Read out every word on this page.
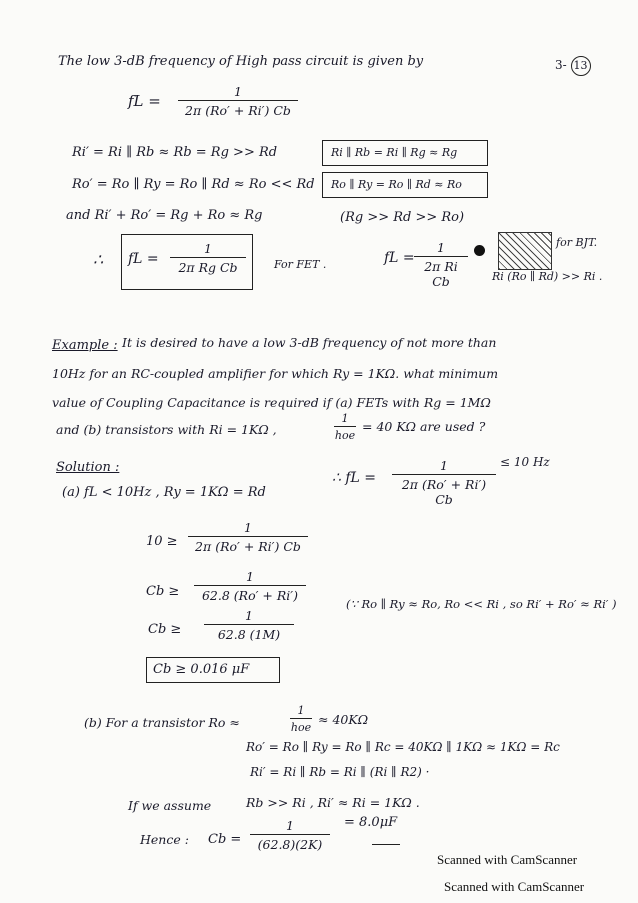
3- 13
The low 3-dB frequency of High pass circuit is given by
fL =
1
2π (Ro′ + Ri′) Cb
Ri′ = Ri ∥ Rb ≈ Rb = Rg >> Rd
Ro′ = Ro ∥ Ry = Ro ∥ Rd ≈ Ro << Rd
and Ri′ + Ro′ = Rg + Ro ≈ Rg
Ri ∥ Rb = Ri ∥ Rg ≈ Rg
Ro ∥ Ry = Ro ∥ Rd ≈ Ro
(Rg >> Rd >> Ro)
∴ fL =
1
2π Rg Cb	For FET .	fL =
1
2π Ri Cb
for BJT.
Ri (Ro ∥ Rd) >> Ri .
Example : It is desired to have a low 3-dB frequency of not more than
10Hz for an RC-coupled amplifier for which Ry = 1KΩ. what minimum
value of Coupling Capacitance is required if (a) FETs with Rg = 1MΩ
and (b) transistors with Ri = 1KΩ ,
1
hoe
= 40 KΩ are used ?
Solution :
∴ fL =
1
2π (Ro′ + Ri′) Cb
≤ 10 Hz
(a) fL < 10Hz , Ry = 1KΩ = Rd
10 ≥
1
2π (Ro′ + Ri′) Cb
Cb ≥
1
62.8 (Ro′ + Ri′)
Cb ≥
1
62.8 (1M)
(∵ Ro ∥ Ry ≈ Ro, Ro << Ri , so Ri′ + Ro′ ≈ Ri′ )
Cb ≥ 0.016 μF
(b) For a transistor Ro ≈
1
hoe
≈ 40KΩ
Ro′ = Ro ∥ Ry = Ro ∥ Rc = 40KΩ ∥ 1KΩ ≈ 1KΩ = Rc
Ri′ = Ri ∥ Rb = Ri ∥ (Ri ∥ R2) ·
If we assume	Rb >> Ri , Ri′ ≈ Ri = 1KΩ .
Hence : Cb =
1
(62.8)(2K)
= 8.0μF
Scanned with CamScanner
Scanned with CamScanner
